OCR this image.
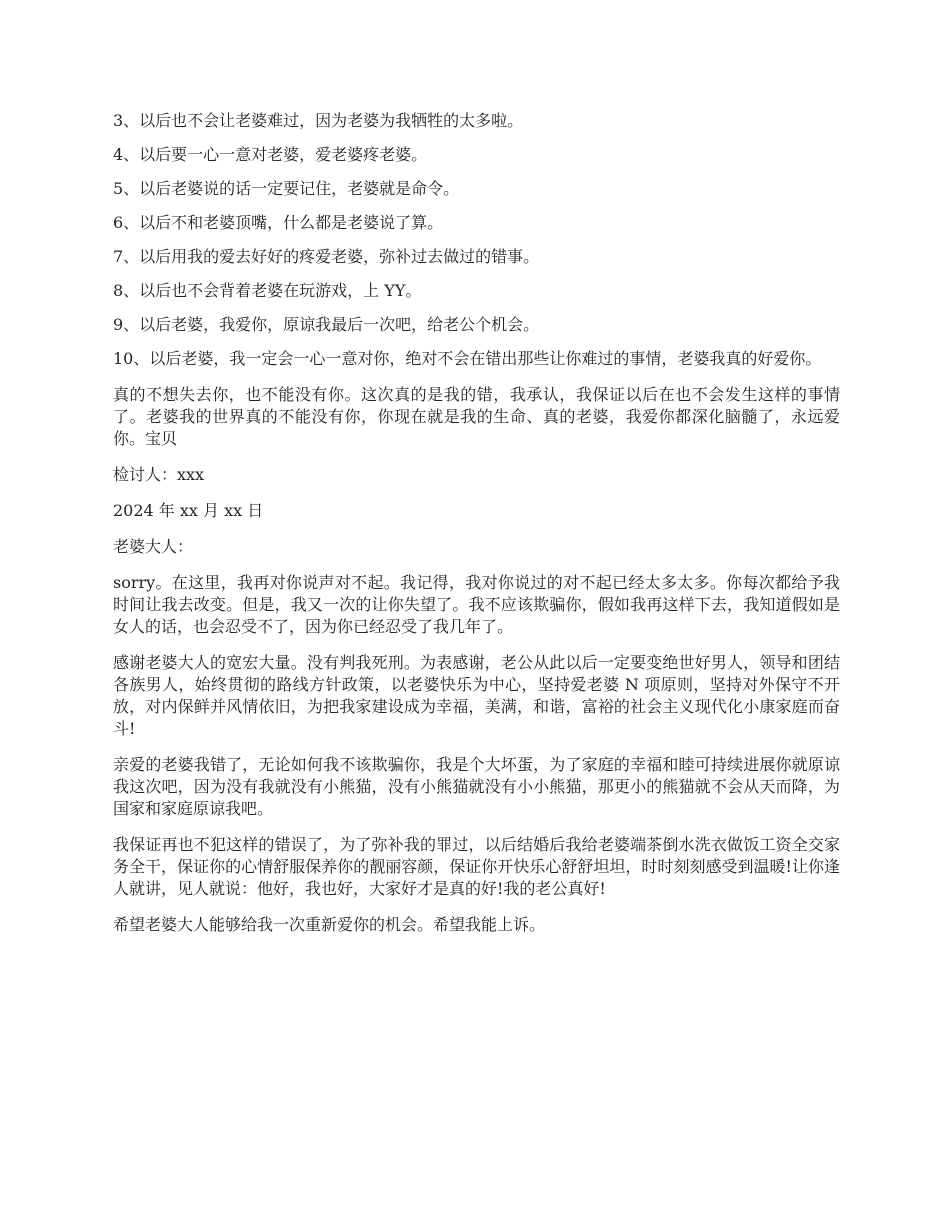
3、以后也不会让老婆难过，因为老婆为我牺牲的太多啦。

4、以后要一心一意对老婆，爱老婆疼老婆。

5、以后老婆说的话一定要记住，老婆就是命令。

6、以后不和老婆顶嘴，什么都是老婆说了算。

7、以后用我的爱去好好的疼爱老婆，弥补过去做过的错事。

8、以后也不会背着老婆在玩游戏，上 YY。

9、以后老婆，我爱你，原谅我最后一次吧，给老公个机会。

10、以后老婆，我一定会一心一意对你，绝对不会在错出那些让你难过的事情，老婆我真的好爱你。

真的不想失去你，也不能没有你。这次真的是我的错，我承认，我保证以后在也不会发生这样的事情了。老婆我的世界真的不能没有你，你现在就是我的生命、真的老婆，我爱你都深化脑髓了，永远爱你。宝贝

检讨人：xxx

2024 年 xx 月 xx 日

老婆大人：

sorry。在这里，我再对你说声对不起。我记得，我对你说过的对不起已经太多太多。你每次都给予我时间让我去改变。但是，我又一次的让你失望了。我不应该欺骗你，假如我再这样下去，我知道假如是女人的话，也会忍受不了，因为你已经忍受了我几年了。

感谢老婆大人的宽宏大量。没有判我死刑。为表感谢，老公从此以后一定要变绝世好男人，领导和团结各族男人，始终贯彻的路线方针政策，以老婆快乐为中心，坚持爱老婆 N 项原则，坚持对外保守不开放，对内保鲜并风情依旧，为把我家建设成为幸福，美满，和谐，富裕的社会主义现代化小康家庭而奋斗!

亲爱的老婆我错了，无论如何我不该欺骗你，我是个大坏蛋，为了家庭的幸福和睦可持续进展你就原谅我这次吧，因为没有我就没有小熊猫，没有小熊猫就没有小小熊猫，那更小的熊猫就不会从天而降，为国家和家庭原谅我吧。

我保证再也不犯这样的错误了，为了弥补我的罪过，以后结婚后我给老婆端茶倒水洗衣做饭工资全交家务全干，保证你的心情舒服保养你的靓丽容颜，保证你开快乐心舒舒坦坦，时时刻刻感受到温暖!让你逢人就讲，见人就说：他好，我也好，大家好才是真的好!我的老公真好!

希望老婆大人能够给我一次重新爱你的机会。希望我能上诉。
